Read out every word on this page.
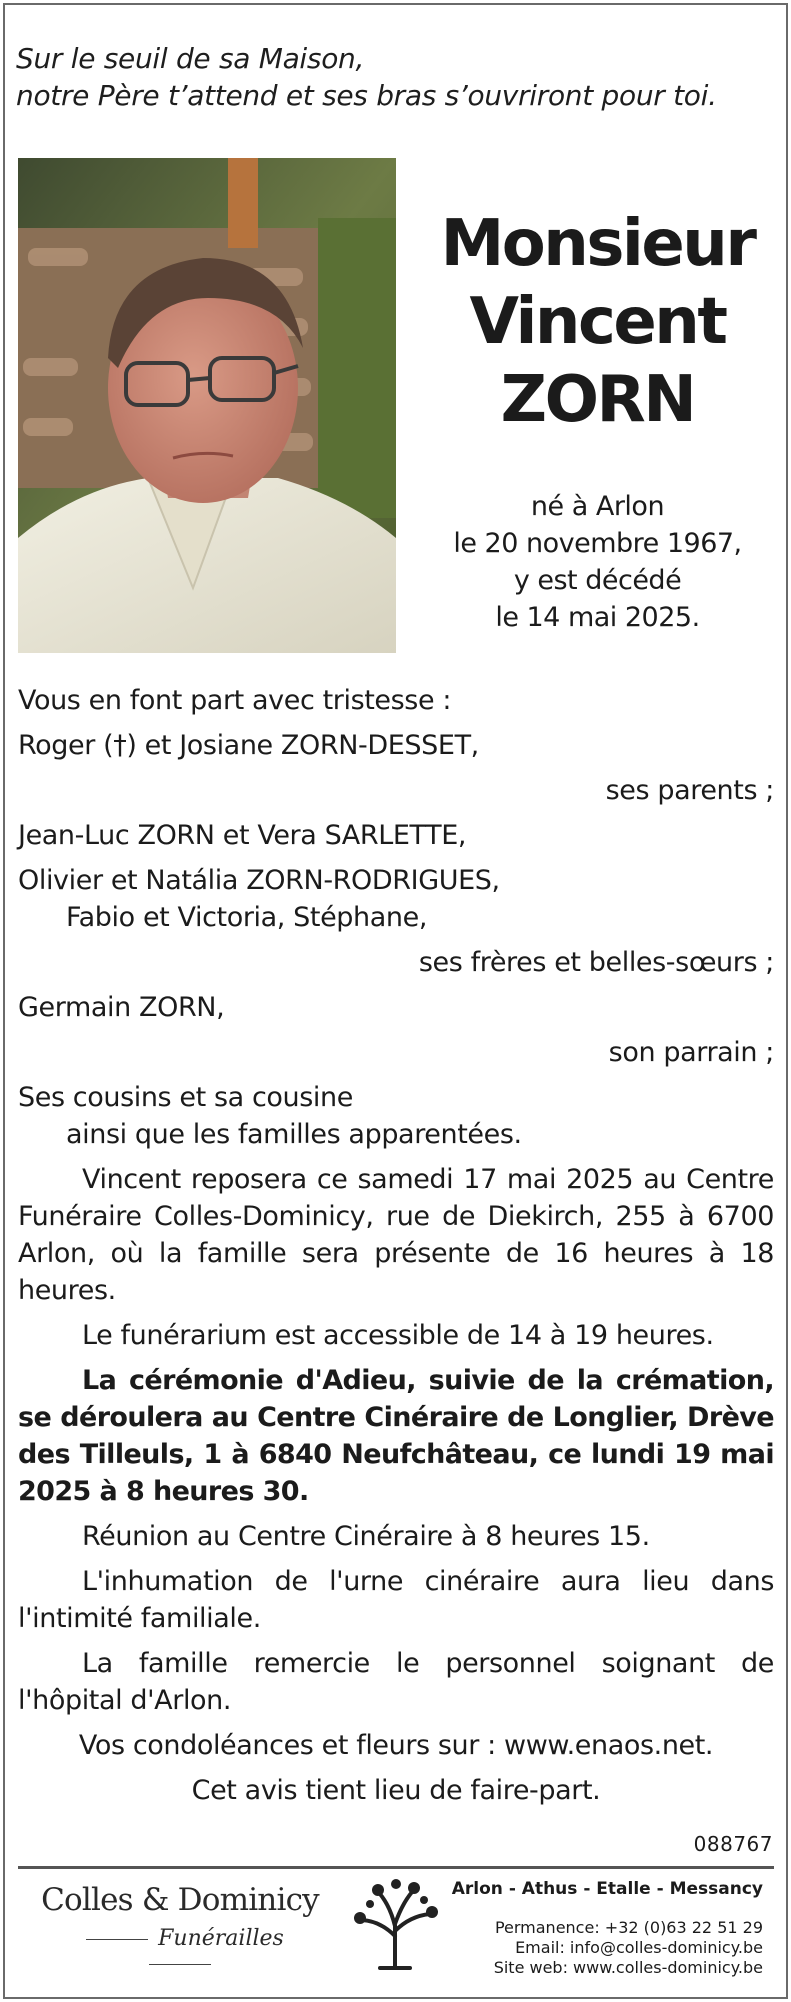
Sur le seuil de sa Maison,
notre Père t’attend et ses bras s’ouvriront pour toi.
Monsieur
Vincent
ZORN
né à Arlon
le 20 novembre 1967,
y est décédé
le 14 mai 2025.
Vous en font part avec tristesse :
Roger (†) et Josiane ZORN-DESSET,
ses parents ;
Jean-Luc ZORN et Vera SARLETTE,
Olivier et Natália ZORN-RODRIGUES,
Fabio et Victoria, Stéphane,
ses frères et belles-sœurs ;
Germain ZORN,
son parrain ;
Ses cousins et sa cousine
ainsi que les familles apparentées.

Vincent reposera ce samedi 17 mai 2025 au Centre Funéraire Colles-Dominicy, rue de Diekirch, 255 à 6700 Arlon, où la famille sera présente de 16 heures à 18 heures.

Le funérarium est accessible de 14 à 19 heures.

La cérémonie d'Adieu, suivie de la crémation, se déroulera au Centre Cinéraire de Longlier, Drève des Tilleuls, 1 à 6840 Neufchâteau, ce lundi 19 mai 2025 à 8 heures 30.

Réunion au Centre Cinéraire à 8 heures 15.

L'inhumation de l'urne cinéraire aura lieu dans l'intimité familiale.

La famille remercie le personnel soignant de l'hôpital d'Arlon.

Vos condoléances et fleurs sur : www.enaos.net.

Cet avis tient lieu de faire-part.

088767
Colles & Dominicy
Funérailles
Arlon - Athus - Etalle - Messancy
Permanence: +32 (0)63 22 51 29
Email: info@colles-dominicy.be
Site web: www.colles-dominicy.be
